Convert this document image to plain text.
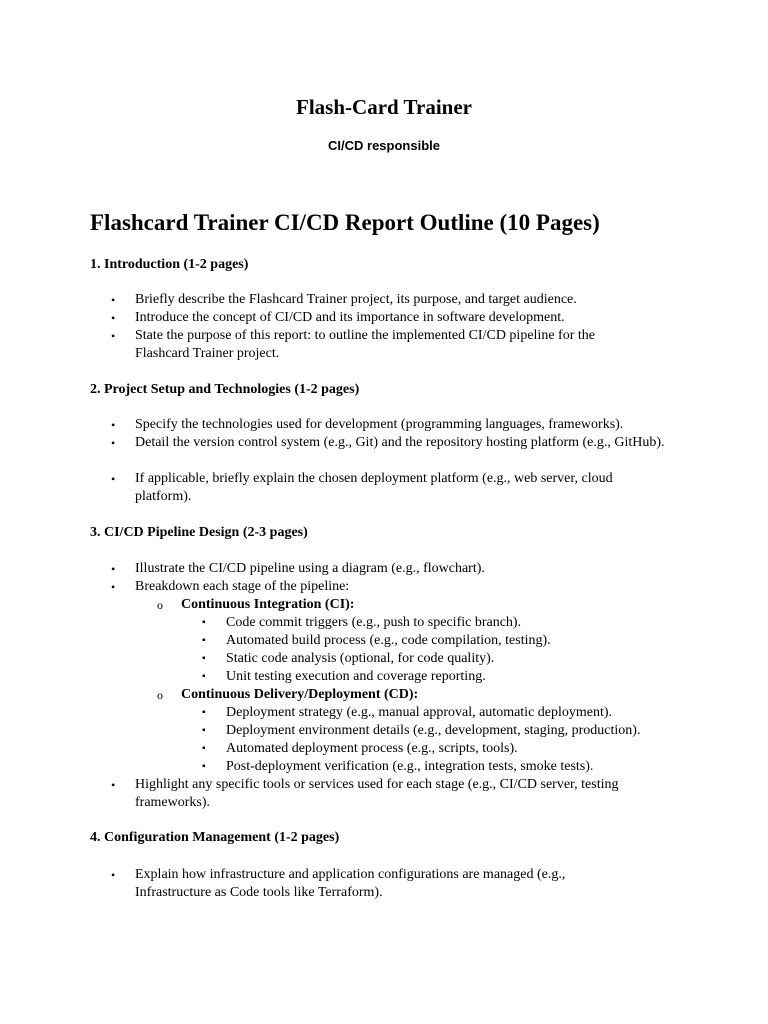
Flash-Card Trainer
CI/CD responsible
Flashcard Trainer CI/CD Report Outline (10 Pages)
1. Introduction (1-2 pages)
• Briefly describe the Flashcard Trainer project, its purpose, and target audience.
• Introduce the concept of CI/CD and its importance in software development.
• State the purpose of this report: to outline the implemented CI/CD pipeline for the Flashcard Trainer project.
2. Project Setup and Technologies (1-2 pages)
• Specify the technologies used for development (programming languages, frameworks).
• Detail the version control system (e.g., Git) and the repository hosting platform (e.g., GitHub).
• If applicable, briefly explain the chosen deployment platform (e.g., web server, cloud platform).
3. CI/CD Pipeline Design (2-3 pages)
• Illustrate the CI/CD pipeline using a diagram (e.g., flowchart).
• Breakdown each stage of the pipeline:
o Continuous Integration (CI):
▪ Code commit triggers (e.g., push to specific branch).
▪ Automated build process (e.g., code compilation, testing).
▪ Static code analysis (optional, for code quality).
▪ Unit testing execution and coverage reporting.
o Continuous Delivery/Deployment (CD):
▪ Deployment strategy (e.g., manual approval, automatic deployment).
▪ Deployment environment details (e.g., development, staging, production).
▪ Automated deployment process (e.g., scripts, tools).
▪ Post-deployment verification (e.g., integration tests, smoke tests).
• Highlight any specific tools or services used for each stage (e.g., CI/CD server, testing frameworks).
4. Configuration Management (1-2 pages)
• Explain how infrastructure and application configurations are managed (e.g., Infrastructure as Code tools like Terraform).
